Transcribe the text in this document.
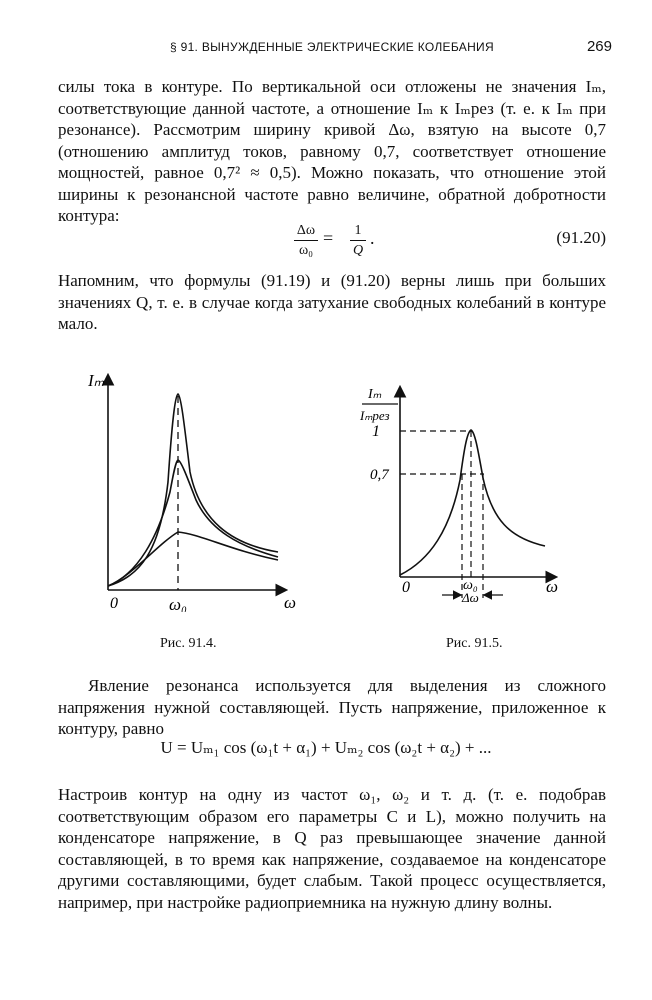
§ 91. ВЫНУЖДЕННЫЕ ЭЛЕКТРИЧЕСКИЕ КОЛЕБАНИЯ	269
силы тока в контуре. По вертикальной оси отложены не значения Iₘ, соответствующие данной частоте, а отношение Iₘ к Iₘрез (т. е. к Iₘ при резонансе). Рассмотрим ширину кривой Δω, взятую на высоте 0,7 (отношению амплитуд токов, равному 0,7, соответствует отношение мощностей, равное 0,7² ≈ 0,5). Можно показать, что отношение этой ширины к резонансной частоте равно величине, обратной добротности контура:
Δω
ω₀
=	1
Q
.	(91.20)
Напомним, что формулы (91.19) и (91.20) верны лишь при больших значениях Q, т. е. в случае когда затухание свободных колебаний в контуре мало.
Iₘ
0	ω₀	ω
Рис. 91.4.
Iₘ
Iₘрез
1
0,7
0	ω₀
Δω
ω
Рис. 91.5.
Явление резонанса используется для выделения из сложного напряжения нужной составляющей. Пусть напряжение, приложенное к контуру, равно
U = Uₘ₁ cos (ω₁t + α₁) + Uₘ₂ cos (ω₂t + α₂) + ...
Настроив контур на одну из частот ω₁, ω₂ и т. д. (т. е. подобрав соответствующим образом его параметры C и L), можно получить на конденсаторе напряжение, в Q раз превышающее значение данной составляющей, в то время как напряжение, создаваемое на конденсаторе другими составляющими, будет слабым. Такой процесс осуществляется, например, при настройке радиоприемника на нужную длину волны.
